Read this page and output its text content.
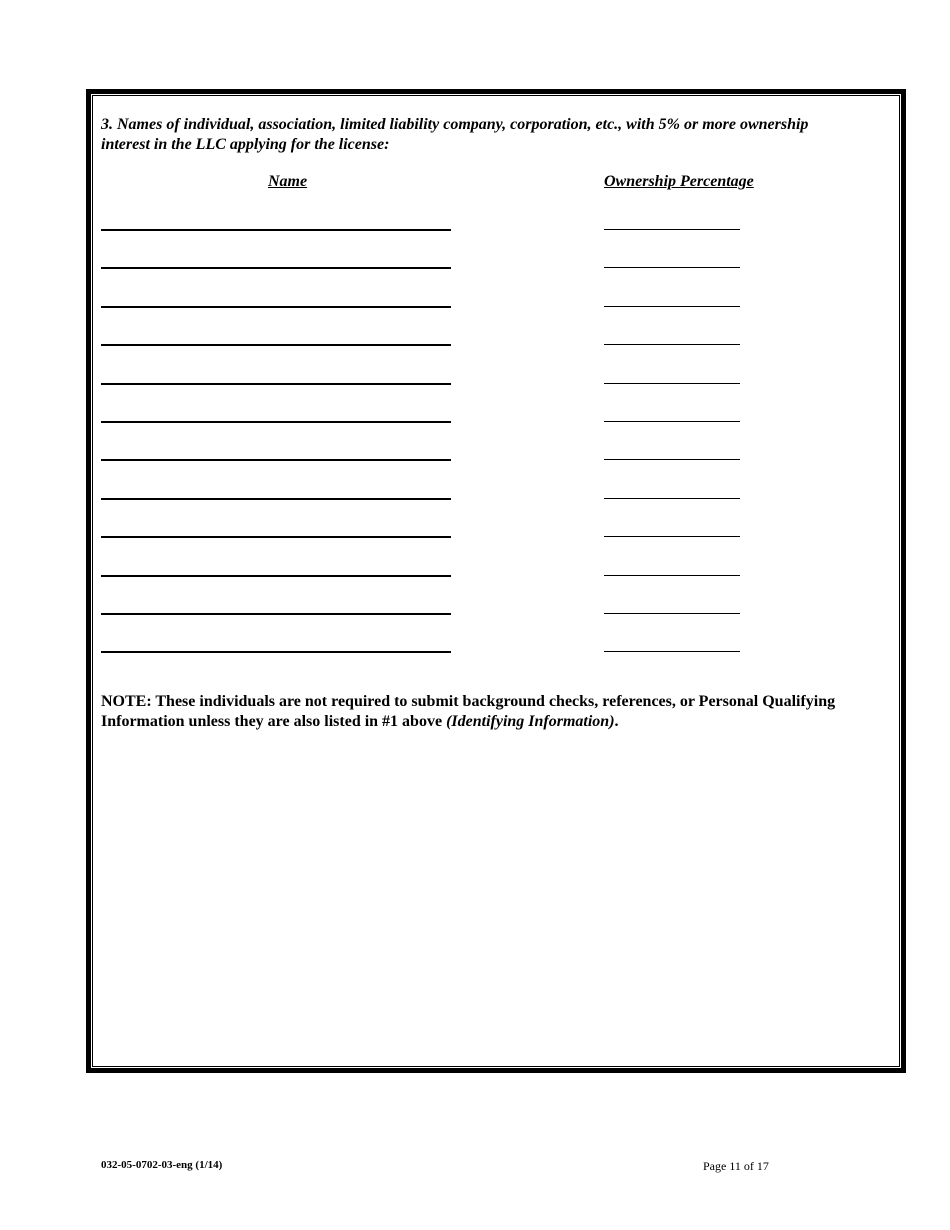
3. Names of individual, association, limited liability company, corporation, etc., with 5% or more ownership interest in the LLC applying for the license:
Name	Ownership Percentage
NOTE: These individuals are not required to submit background checks, references, or Personal Qualifying Information unless they are also listed in #1 above (Identifying Information).
032-05-0702-03-eng (1/14)	Page 11 of 17
